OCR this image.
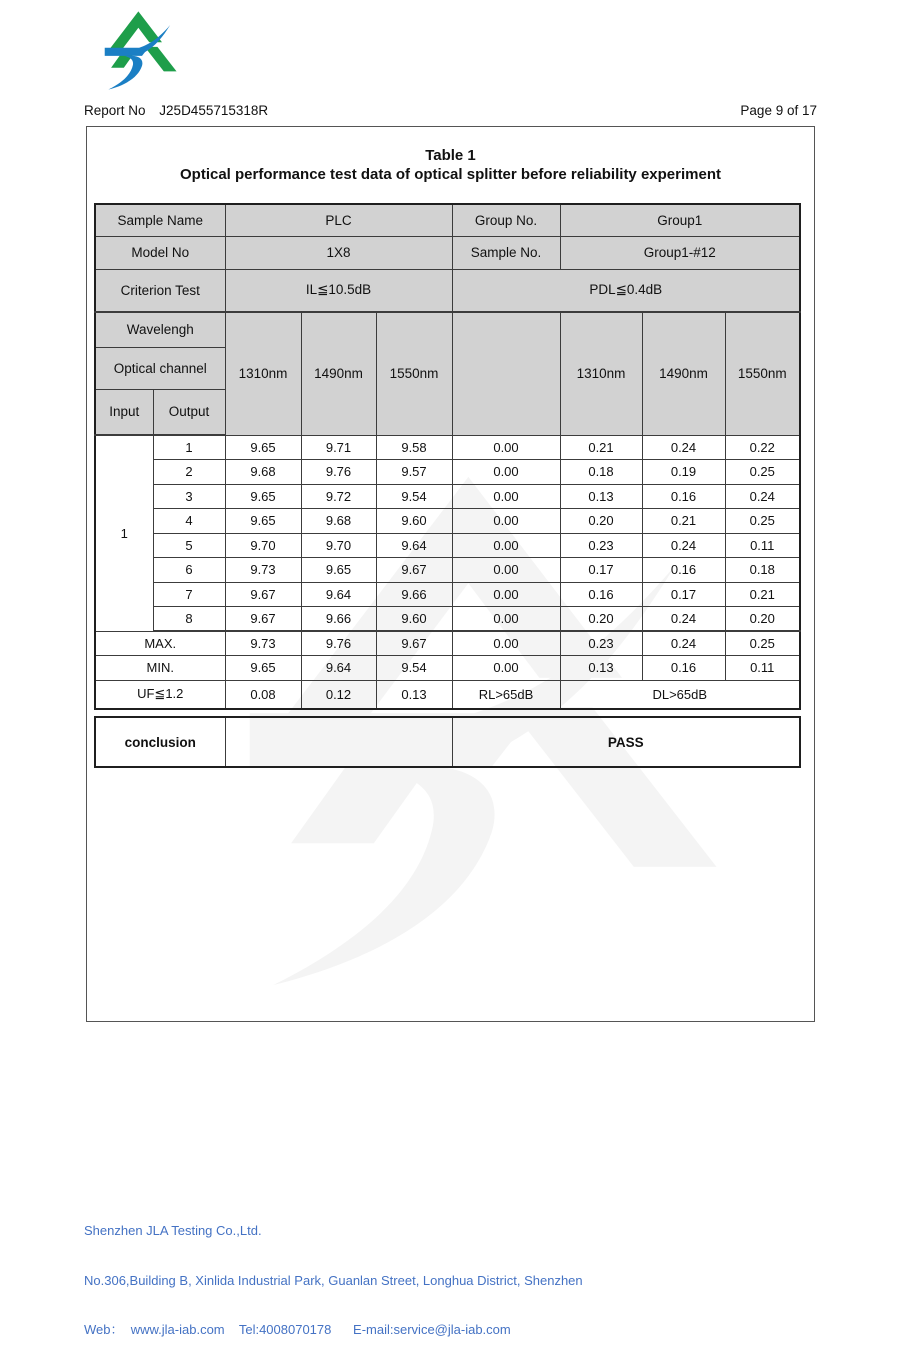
Report No J25D455715318R	Page 9 of 17
Table 1
Optical performance test data of optical splitter before reliability experiment
Sample Name		PLC			Group No.	Group1		
Model No		1X8			Sample No.	Group1-#12		
Criterion Test		IL≦10.5dB			PDL≦0.4dB			
Wavelengh		1310nm	1490nm	1550nm		1310nm	1490nm	1550nm
Optical channel								
Input	Output							
1	1	9.65	9.71	9.58	0.00	0.21	0.24	0.22
	2	9.68	9.76	9.57	0.00	0.18	0.19	0.25
	3	9.65	9.72	9.54	0.00	0.13	0.16	0.24
	4	9.65	9.68	9.60	0.00	0.20	0.21	0.25
	5	9.70	9.70	9.64	0.00	0.23	0.24	0.11
	6	9.73	9.65	9.67	0.00	0.17	0.16	0.18
	7	9.67	9.64	9.66	0.00	0.16	0.17	0.21
	8	9.67	9.66	9.60	0.00	0.20	0.24	0.20
MAX.		9.73	9.76	9.67	0.00	0.23	0.24	0.25
MIN.		9.65	9.64	9.54	0.00	0.13	0.16	0.11
UF≦1.2		0.08	0.12	0.13	RL>65dB	DL>65dB		
conclusion		PASS

Shenzhen JLA Testing Co.,Ltd.

No.306,Building B, Xinlida Industrial Park, Guanlan Street, Longhua District, Shenzhen

Web：  www.jla-iab.com    Tel:4008070178      E-mail:service@jla-iab.com
